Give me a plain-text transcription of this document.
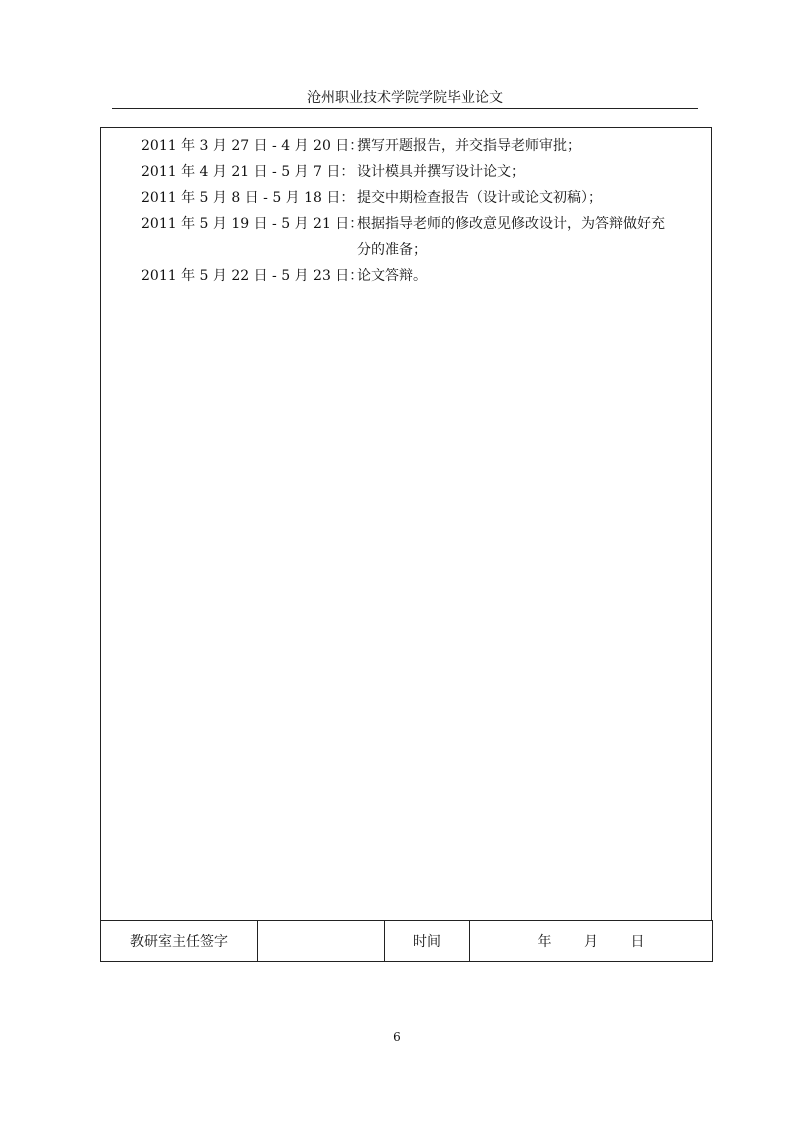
沧州职业技术学院学院毕业论文
2011 年 3 月 27 日 - 4 月 20 日：撰写开题报告，并交指导老师审批；
2011 年 4 月 21 日 - 5 月 7 日： 设计模具并撰写设计论文；
2011 年 5 月 8 日 - 5 月 18 日： 提交中期检查报告（设计或论文初稿）；
2011 年 5 月 19 日 - 5 月 21 日：根据指导老师的修改意见修改设计，为答辩做好充分的准备；
2011 年 5 月 22 日 - 5 月 23 日：论文答辩。
教研室主任签字		时间	年 月 日
6
